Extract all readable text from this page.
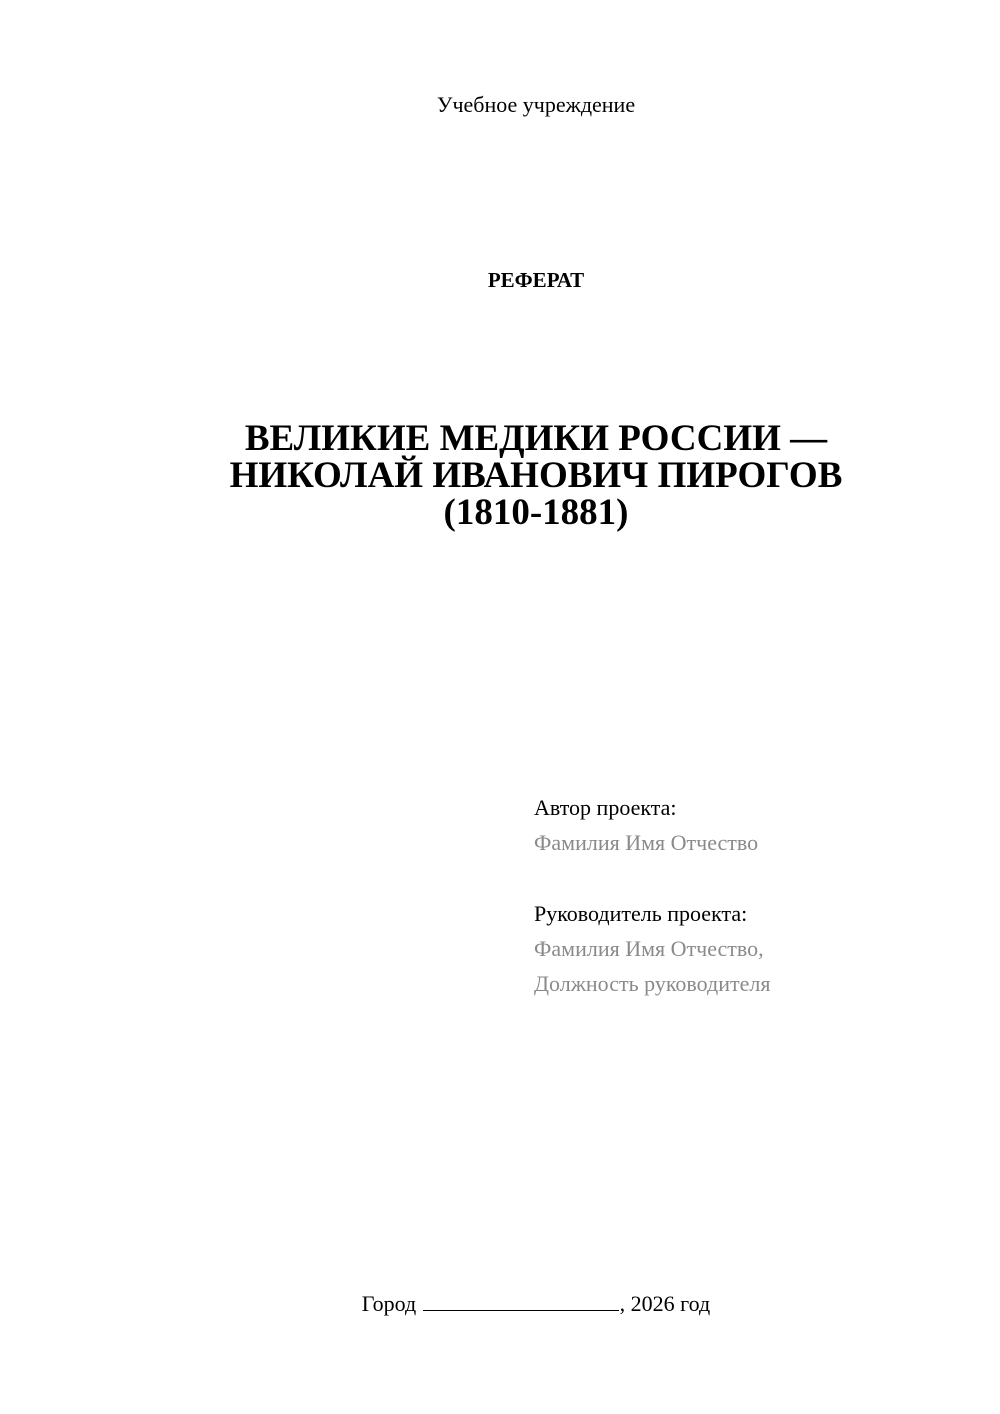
Учебное учреждение
РЕФЕРАТ
ВЕЛИКИЕ МЕДИКИ РОССИИ —
НИКОЛАЙ ИВАНОВИЧ ПИРОГОВ
(1810-1881)
Автор проекта:
Фамилия Имя Отчество
Руководитель проекта:
Фамилия Имя Отчество,
Должность руководителя
Город	, 2026 год
